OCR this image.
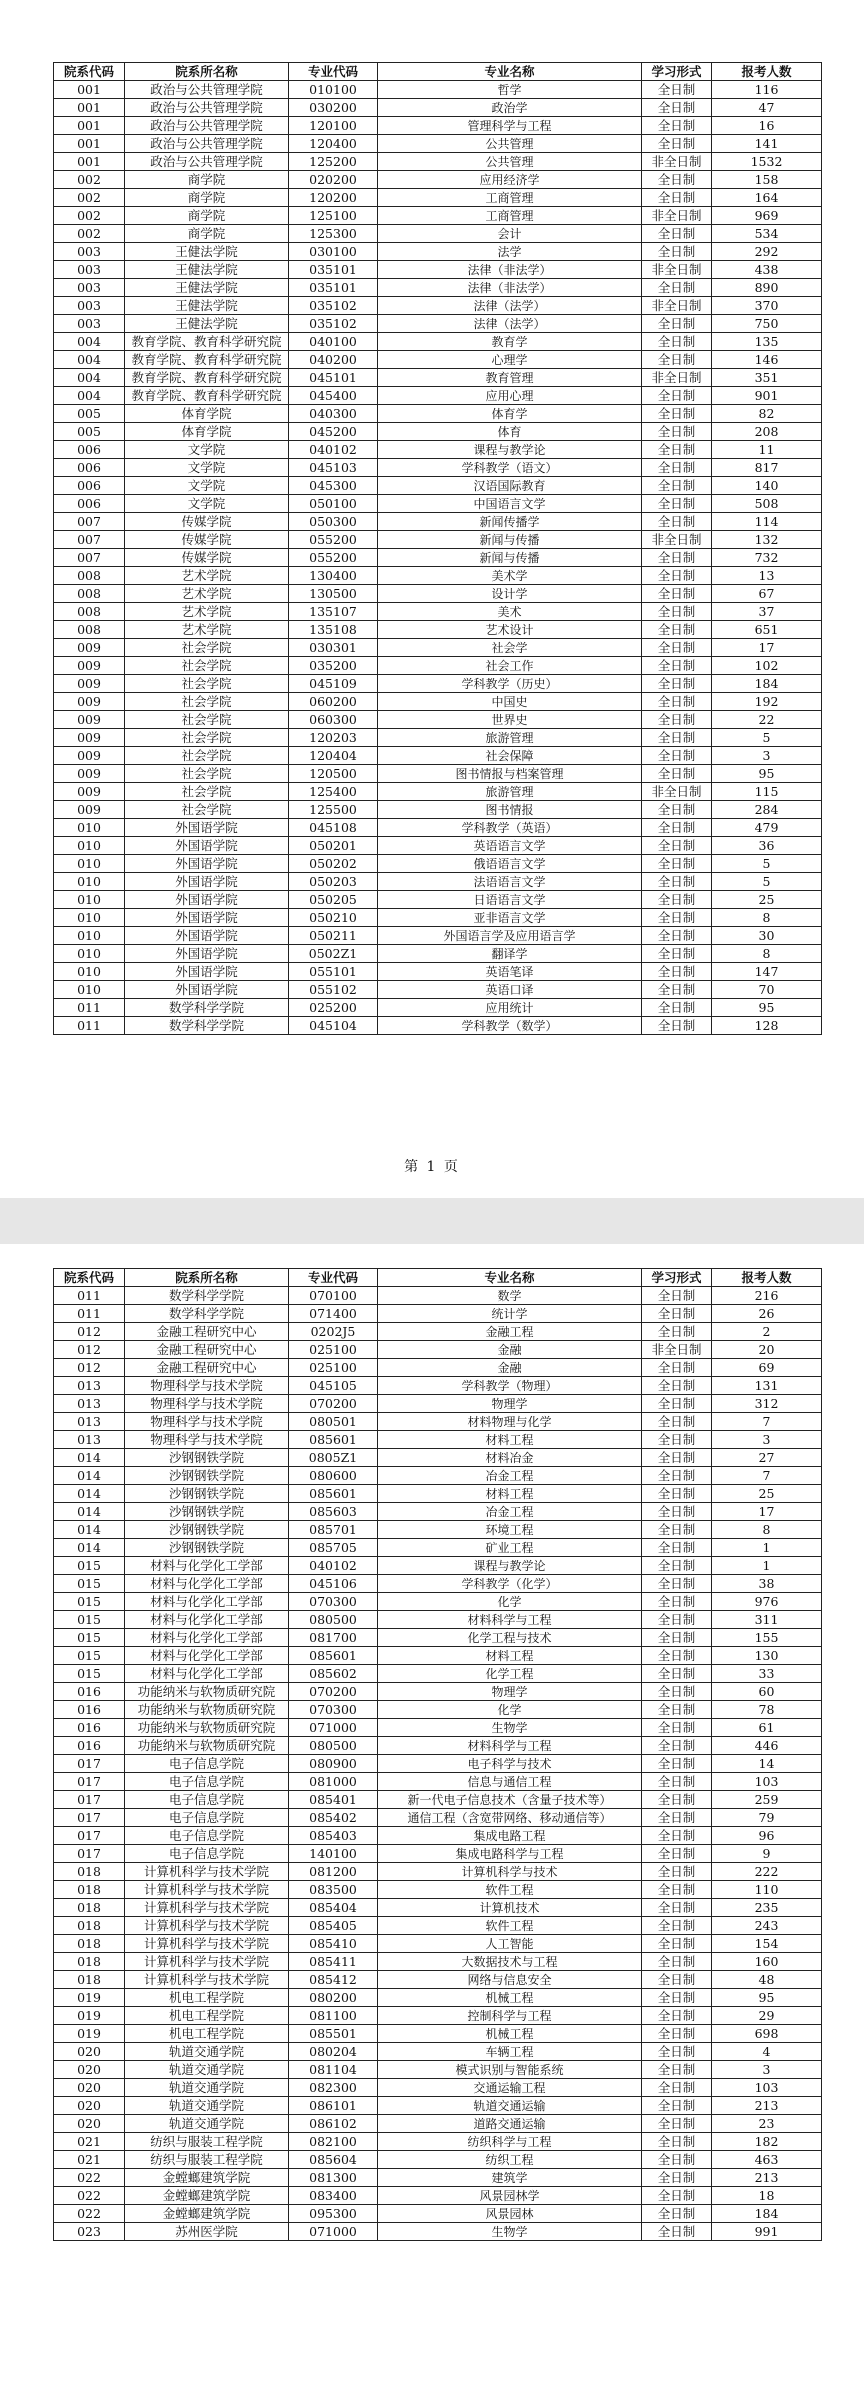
院系代码	院系所名称	专业代码	专业名称	学习形式	报考人数
001	政治与公共管理学院	010100	哲学	全日制	116
001	政治与公共管理学院	030200	政治学	全日制	47
001	政治与公共管理学院	120100	管理科学与工程	全日制	16
001	政治与公共管理学院	120400	公共管理	全日制	141
001	政治与公共管理学院	125200	公共管理	非全日制	1532
002	商学院	020200	应用经济学	全日制	158
002	商学院	120200	工商管理	全日制	164
002	商学院	125100	工商管理	非全日制	969
002	商学院	125300	会计	全日制	534
003	王健法学院	030100	法学	全日制	292
003	王健法学院	035101	法律（非法学）	非全日制	438
003	王健法学院	035101	法律（非法学）	全日制	890
003	王健法学院	035102	法律（法学）	非全日制	370
003	王健法学院	035102	法律（法学）	全日制	750
004	教育学院、教育科学研究院	040100	教育学	全日制	135
004	教育学院、教育科学研究院	040200	心理学	全日制	146
004	教育学院、教育科学研究院	045101	教育管理	非全日制	351
004	教育学院、教育科学研究院	045400	应用心理	全日制	901
005	体育学院	040300	体育学	全日制	82
005	体育学院	045200	体育	全日制	208
006	文学院	040102	课程与教学论	全日制	11
006	文学院	045103	学科教学（语文）	全日制	817
006	文学院	045300	汉语国际教育	全日制	140
006	文学院	050100	中国语言文学	全日制	508
007	传媒学院	050300	新闻传播学	全日制	114
007	传媒学院	055200	新闻与传播	非全日制	132
007	传媒学院	055200	新闻与传播	全日制	732
008	艺术学院	130400	美术学	全日制	13
008	艺术学院	130500	设计学	全日制	67
008	艺术学院	135107	美术	全日制	37
008	艺术学院	135108	艺术设计	全日制	651
009	社会学院	030301	社会学	全日制	17
009	社会学院	035200	社会工作	全日制	102
009	社会学院	045109	学科教学（历史）	全日制	184
009	社会学院	060200	中国史	全日制	192
009	社会学院	060300	世界史	全日制	22
009	社会学院	120203	旅游管理	全日制	5
009	社会学院	120404	社会保障	全日制	3
009	社会学院	120500	图书情报与档案管理	全日制	95
009	社会学院	125400	旅游管理	非全日制	115
009	社会学院	125500	图书情报	全日制	284
010	外国语学院	045108	学科教学（英语）	全日制	479
010	外国语学院	050201	英语语言文学	全日制	36
010	外国语学院	050202	俄语语言文学	全日制	5
010	外国语学院	050203	法语语言文学	全日制	5
010	外国语学院	050205	日语语言文学	全日制	25
010	外国语学院	050210	亚非语言文学	全日制	8
010	外国语学院	050211	外国语言学及应用语言学	全日制	30
010	外国语学院	0502Z1	翻译学	全日制	8
010	外国语学院	055101	英语笔译	全日制	147
010	外国语学院	055102	英语口译	全日制	70
011	数学科学学院	025200	应用统计	全日制	95
011	数学科学学院	045104	学科教学（数学）	全日制	128
第 1 页
院系代码	院系所名称	专业代码	专业名称	学习形式	报考人数
011	数学科学学院	070100	数学	全日制	216
011	数学科学学院	071400	统计学	全日制	26
012	金融工程研究中心	0202J5	金融工程	全日制	2
012	金融工程研究中心	025100	金融	非全日制	20
012	金融工程研究中心	025100	金融	全日制	69
013	物理科学与技术学院	045105	学科教学（物理）	全日制	131
013	物理科学与技术学院	070200	物理学	全日制	312
013	物理科学与技术学院	080501	材料物理与化学	全日制	7
013	物理科学与技术学院	085601	材料工程	全日制	3
014	沙钢钢铁学院	0805Z1	材料冶金	全日制	27
014	沙钢钢铁学院	080600	冶金工程	全日制	7
014	沙钢钢铁学院	085601	材料工程	全日制	25
014	沙钢钢铁学院	085603	冶金工程	全日制	17
014	沙钢钢铁学院	085701	环境工程	全日制	8
014	沙钢钢铁学院	085705	矿业工程	全日制	1
015	材料与化学化工学部	040102	课程与教学论	全日制	1
015	材料与化学化工学部	045106	学科教学（化学）	全日制	38
015	材料与化学化工学部	070300	化学	全日制	976
015	材料与化学化工学部	080500	材料科学与工程	全日制	311
015	材料与化学化工学部	081700	化学工程与技术	全日制	155
015	材料与化学化工学部	085601	材料工程	全日制	130
015	材料与化学化工学部	085602	化学工程	全日制	33
016	功能纳米与软物质研究院	070200	物理学	全日制	60
016	功能纳米与软物质研究院	070300	化学	全日制	78
016	功能纳米与软物质研究院	071000	生物学	全日制	61
016	功能纳米与软物质研究院	080500	材料科学与工程	全日制	446
017	电子信息学院	080900	电子科学与技术	全日制	14
017	电子信息学院	081000	信息与通信工程	全日制	103
017	电子信息学院	085401	新一代电子信息技术（含量子技术等）	全日制	259
017	电子信息学院	085402	通信工程（含宽带网络、移动通信等）	全日制	79
017	电子信息学院	085403	集成电路工程	全日制	96
017	电子信息学院	140100	集成电路科学与工程	全日制	9
018	计算机科学与技术学院	081200	计算机科学与技术	全日制	222
018	计算机科学与技术学院	083500	软件工程	全日制	110
018	计算机科学与技术学院	085404	计算机技术	全日制	235
018	计算机科学与技术学院	085405	软件工程	全日制	243
018	计算机科学与技术学院	085410	人工智能	全日制	154
018	计算机科学与技术学院	085411	大数据技术与工程	全日制	160
018	计算机科学与技术学院	085412	网络与信息安全	全日制	48
019	机电工程学院	080200	机械工程	全日制	95
019	机电工程学院	081100	控制科学与工程	全日制	29
019	机电工程学院	085501	机械工程	全日制	698
020	轨道交通学院	080204	车辆工程	全日制	4
020	轨道交通学院	081104	模式识别与智能系统	全日制	3
020	轨道交通学院	082300	交通运输工程	全日制	103
020	轨道交通学院	086101	轨道交通运输	全日制	213
020	轨道交通学院	086102	道路交通运输	全日制	23
021	纺织与服装工程学院	082100	纺织科学与工程	全日制	182
021	纺织与服装工程学院	085604	纺织工程	全日制	463
022	金螳螂建筑学院	081300	建筑学	全日制	213
022	金螳螂建筑学院	083400	风景园林学	全日制	18
022	金螳螂建筑学院	095300	风景园林	全日制	184
023	苏州医学院	071000	生物学	全日制	991
